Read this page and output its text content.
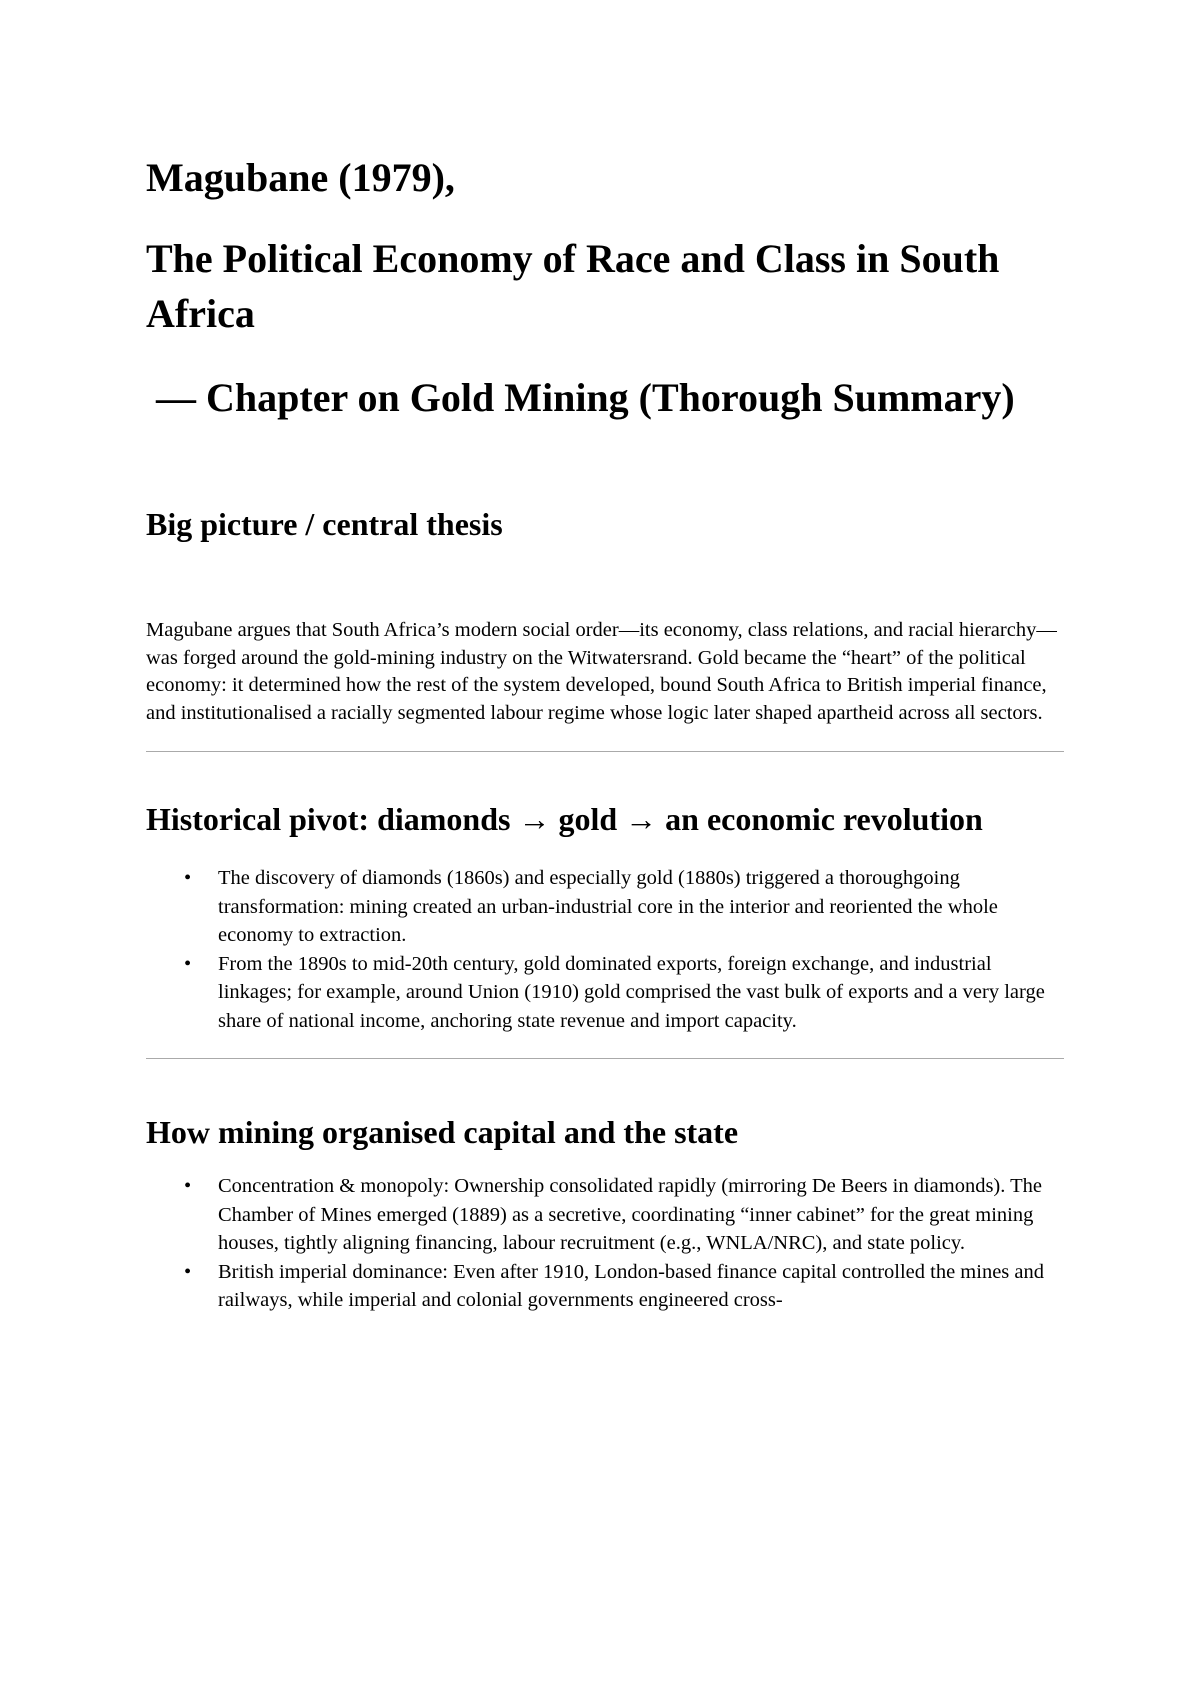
Magubane (1979),
The Political Economy of Race and Class in South Africa
— Chapter on Gold Mining (Thorough Summary)
Big picture / central thesis

Magubane argues that South Africa’s modern social order—its economy, class relations, and racial hierarchy—was forged around the gold-mining industry on the Witwatersrand. Gold became the “heart” of the political economy: it determined how the rest of the system developed, bound South Africa to British imperial finance, and institutionalised a racially segmented labour regime whose logic later shaped apartheid across all sectors.

Historical pivot: diamonds → gold → an economic revolution
• The discovery of diamonds (1860s) and especially gold (1880s) triggered a thoroughgoing transformation: mining created an urban-industrial core in the interior and reoriented the whole economy to extraction.
• From the 1890s to mid-20th century, gold dominated exports, foreign exchange, and industrial linkages; for example, around Union (1910) gold comprised the vast bulk of exports and a very large share of national income, anchoring state revenue and import capacity.
How mining organised capital and the state
• Concentration & monopoly: Ownership consolidated rapidly (mirroring De Beers in diamonds). The Chamber of Mines emerged (1889) as a secretive, coordinating “inner cabinet” for the great mining houses, tightly aligning financing, labour recruitment (e.g., WNLA/NRC), and state policy.
• British imperial dominance: Even after 1910, London-based finance capital controlled the mines and railways, while imperial and colonial governments engineered cross-
